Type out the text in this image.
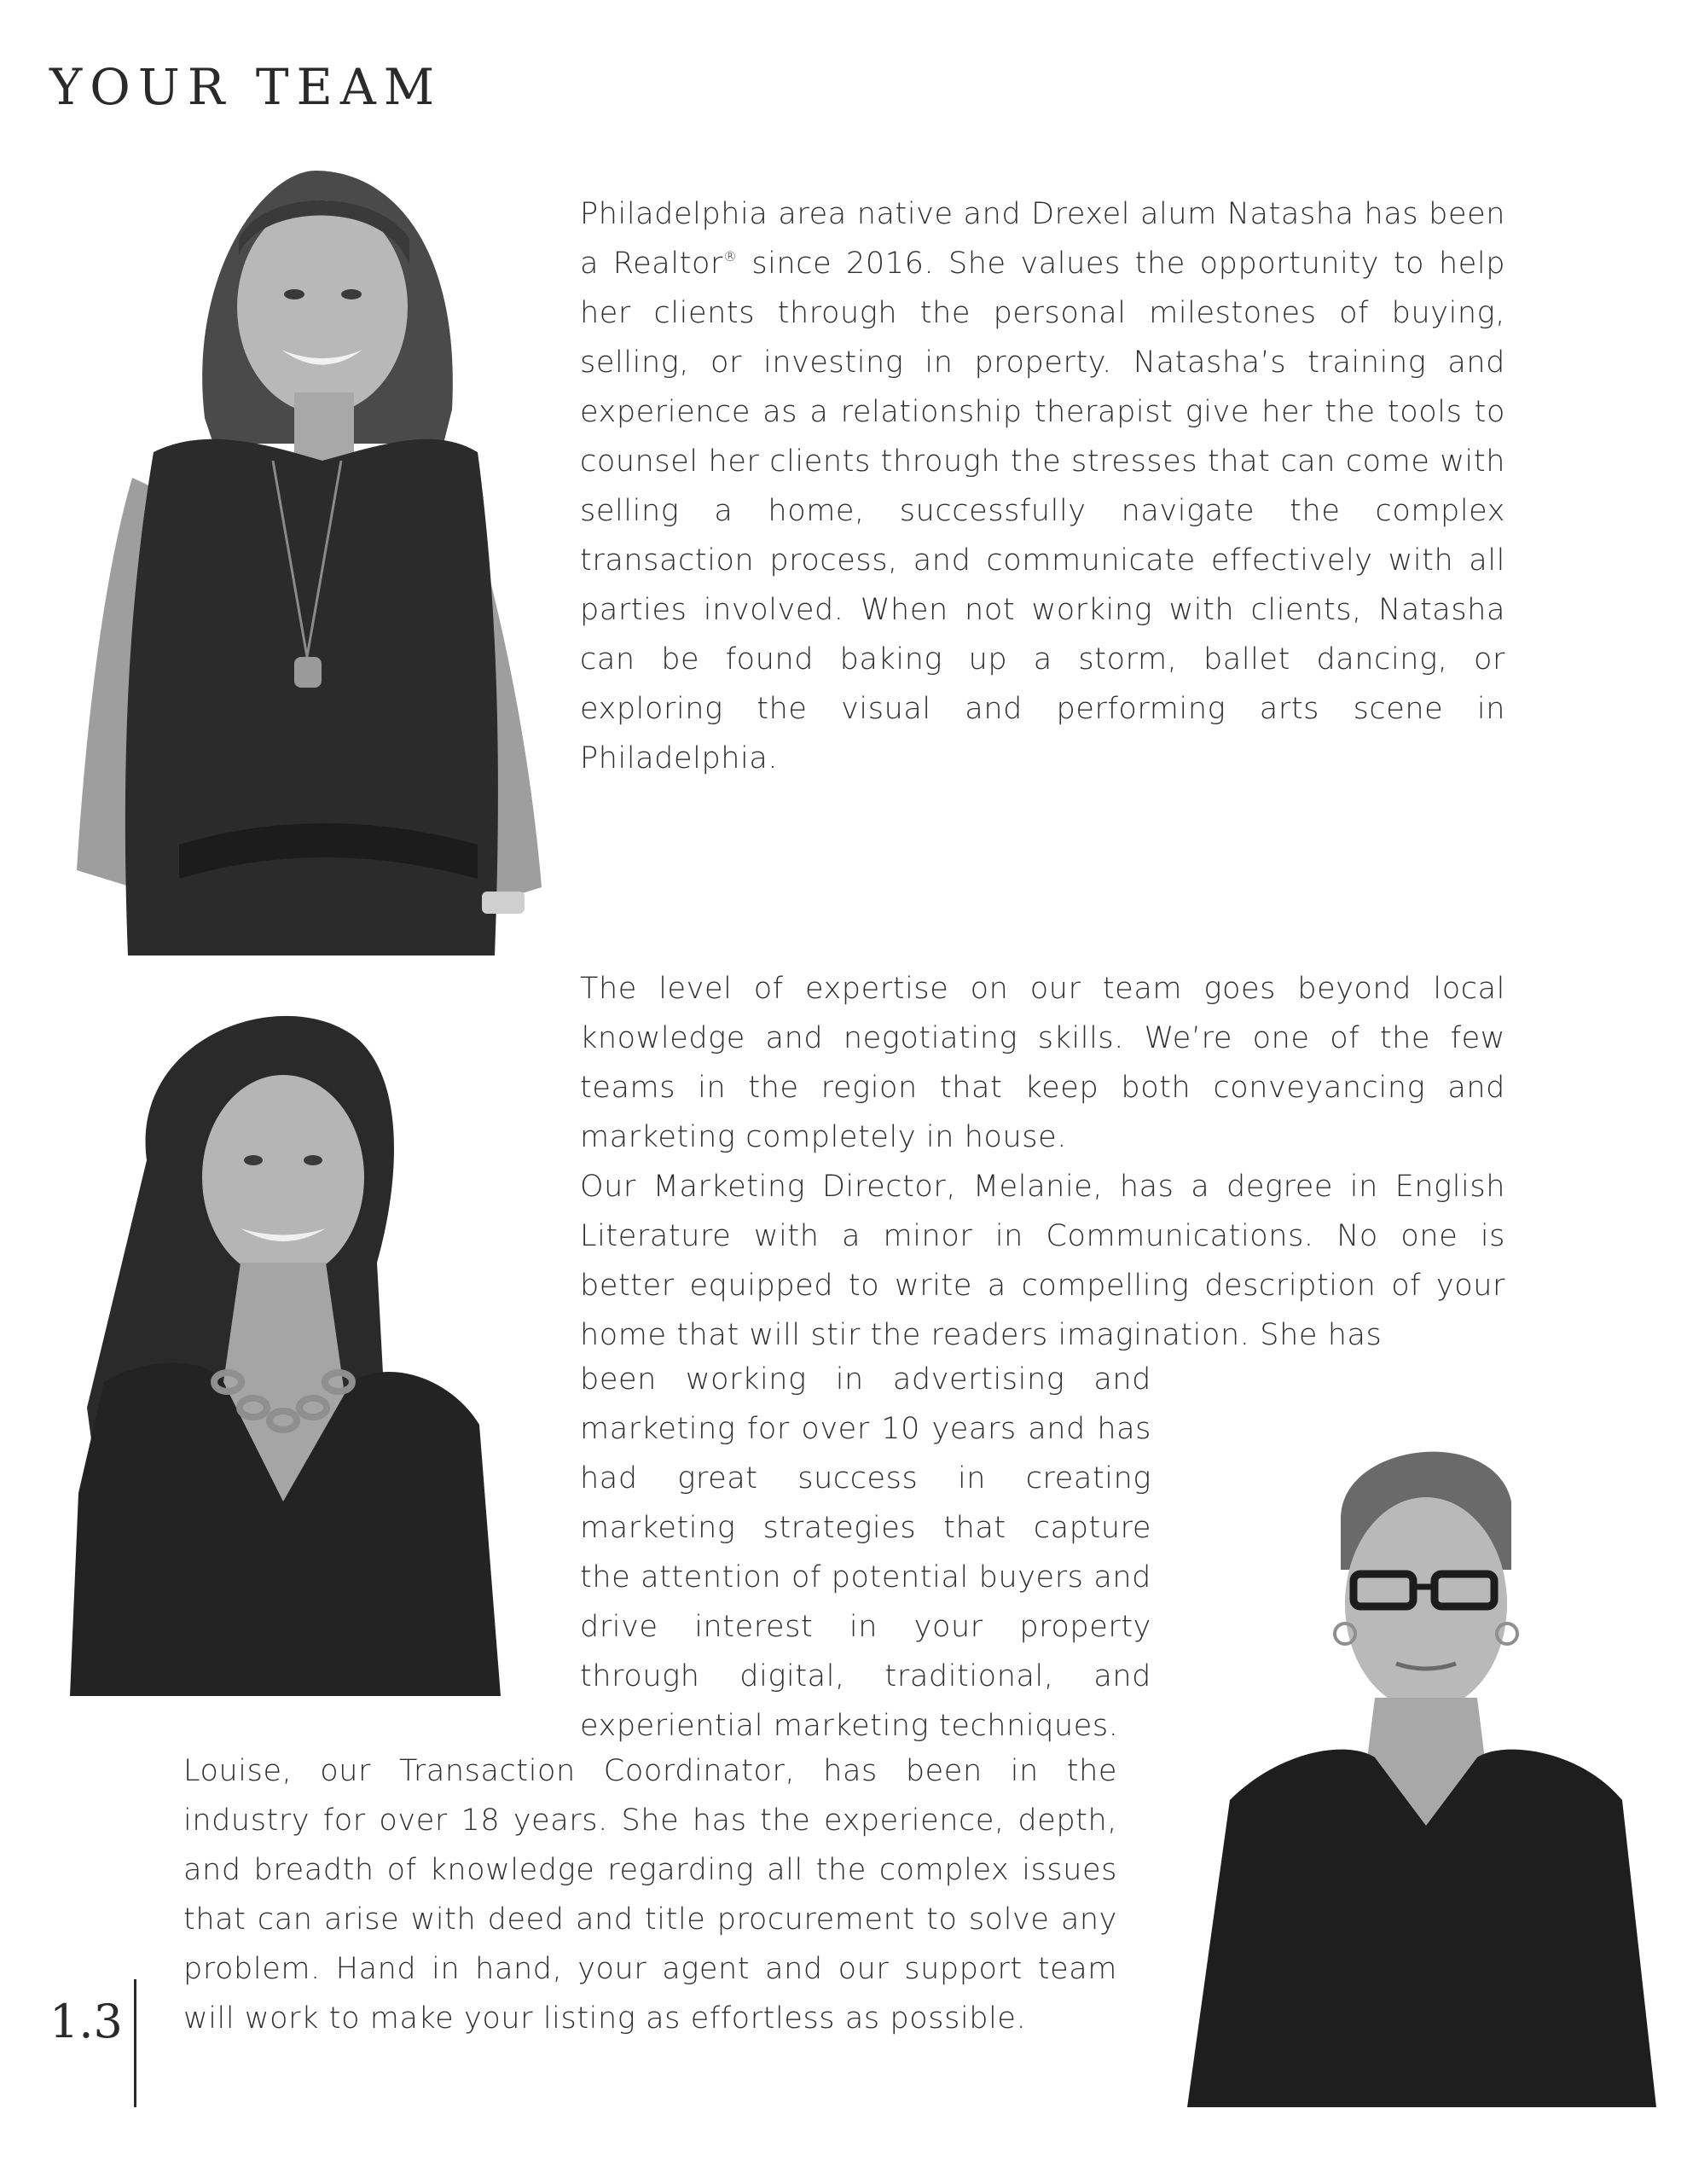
YOUR TEAM

Philadelphia area native and Drexel alum Natasha has been a Realtor® since 2016. She values the opportunity to help her clients through the personal milestones of buying, selling, or investing in property. Natasha’s training and experience as a relationship therapist give her the tools to counsel her clients through the stresses that can come with selling a home, successfully navigate the complex transaction process, and communicate effectively with all parties involved. When not working with clients, Natasha can be found baking up a storm, ballet dancing, or exploring the visual and performing arts scene in Philadelphia.

The level of expertise on our team goes beyond local knowledge and negotiating skills. We’re one of the few teams in the region that keep both conveyancing and marketing completely in house.

Our Marketing Director, Melanie, has a degree in English Literature with a minor in Communications. No one is better equipped to write a compelling description of your home that will stir the readers imagination. She has

been working in advertising and marketing for over 10 years and has had great success in creating marketing strategies that capture the attention of potential buyers and drive interest in your property through digital, traditional, and experiential marketing techniques.

Louise, our Transaction Coordinator, has been in the industry for over 18 years. She has the experience, depth, and breadth of knowledge regarding all the complex issues that can arise with deed and title procurement to solve any problem. Hand in hand, your agent and our support team will work to make your listing as effortless as possible.

1.3
